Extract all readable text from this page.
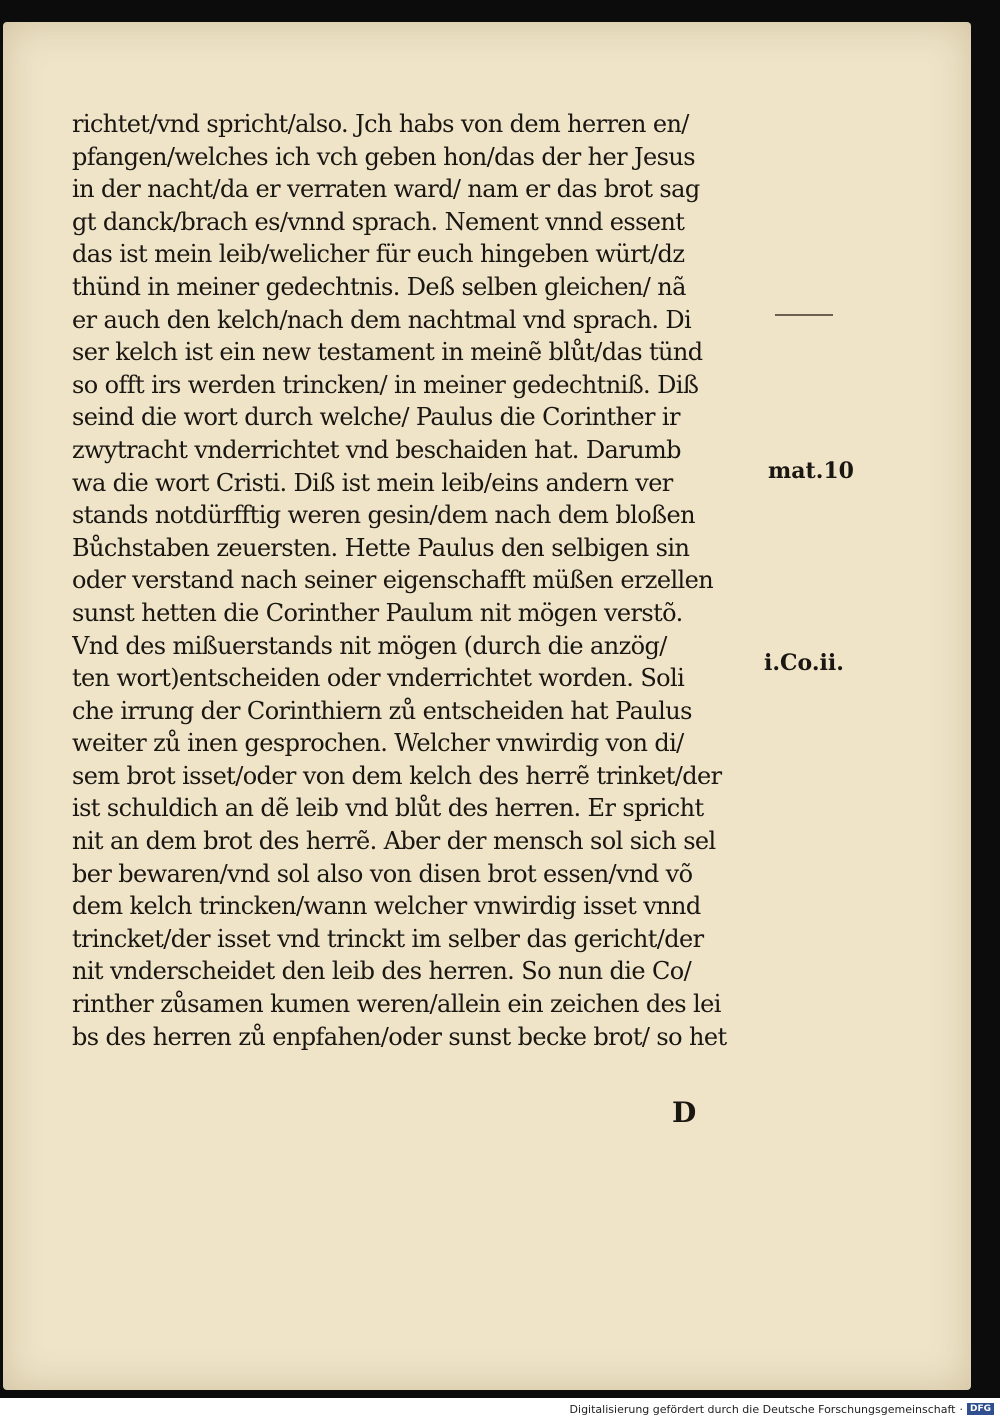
richtet/vnd spricht/also. Jch habs von dem herren en/
pfangen/welches ich vch geben hon/das der her Jesus
in der nacht/da er verraten ward/ nam er das brot sag
gt danck/brach es/vnnd sprach. Nement vnnd essent
das ist mein leib/welicher für euch hingeben würt/dz
thünd in meiner gedechtnis. Deß selben gleichen/ nã
er auch den kelch/nach dem nachtmal vnd sprach. Di
ser kelch ist ein new testament in meinẽ blůt/das tünd
so offt irs werden trincken/ in meiner gedechtniß. Diß
seind die wort durch welche/ Paulus die Corinther ir
zwytracht vnderrichtet vnd beschaiden hat. Darumb
wa die wort Cristi. Diß ist mein leib/eins andern ver
stands notdürfftig weren gesin/dem nach dem bloßen
Bůchstaben zeuersten. Hette Paulus den selbigen sin
oder verstand nach seiner eigenschafft müßen erzellen
sunst hetten die Corinther Paulum nit mögen verstõ.
Vnd des mißuerstands nit mögen (durch die anzög/
ten wort)entscheiden oder vnderrichtet worden. Soli
che irrung der Corinthiern zů entscheiden hat Paulus
weiter zů inen gesprochen. Welcher vnwirdig von di/
sem brot isset/oder von dem kelch des herrẽ trinket/der
ist schuldich an dẽ leib vnd blůt des herren. Er spricht
nit an dem brot des herrẽ. Aber der mensch sol sich sel
ber bewaren/vnd sol also von disen brot essen/vnd võ
dem kelch trincken/wann welcher vnwirdig isset vnnd
trincket/der isset vnd trinckt im selber das gericht/der
nit vnderscheidet den leib des herren. So nun die Co/
rinther zůsamen kumen weren/allein ein zeichen des lei
bs des herren zů enpfahen/oder sunst becke brot/ so het
mat.10
i.Co.ii.
D
Digitalisierung gefördert durch die Deutsche Forschungsgemeinschaft · DFG
